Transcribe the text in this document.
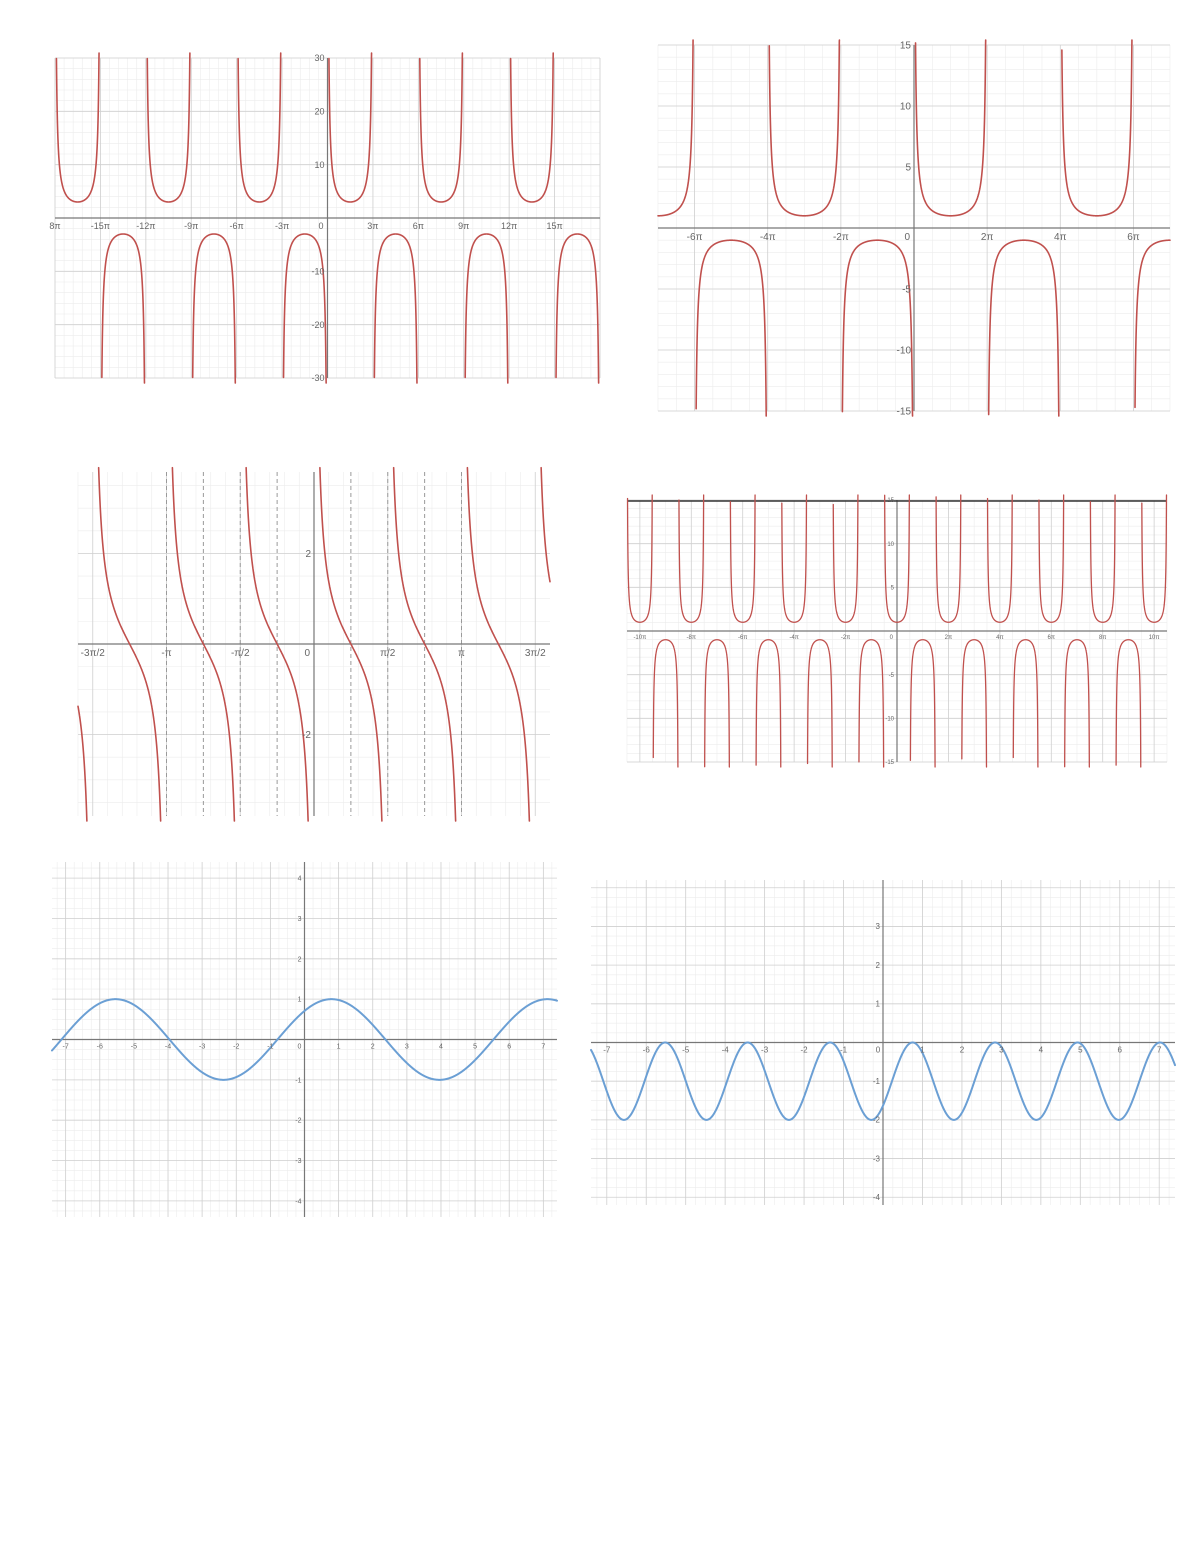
8π	-15π	-12π	-9π	-6π	-3π	0	3π	6π	9π	12π	15π
30
20
10
-10
-20
-30
-6π	-4π	-2π	0	2π	4π	6π
15
10
5
-5
-10
-15
-3π/2	-π	-π/2	0	π/2	π	3π/2
2
-2
-10π	-8π	-6π	-4π	-2π	0	2π	4π	6π	8π	10π
15
10
5
-5
-10
-15
-7	-6	-5	-4	-3	-2	-1	0	1	2	3	4	5	6	7
4
3
2
1
-1
-2
-3
-4
-7	-6	-5	-4	-3	-2	-1	0	1	2	3	4	5	6	7
3
2
1
-1
-2
-3
-4
